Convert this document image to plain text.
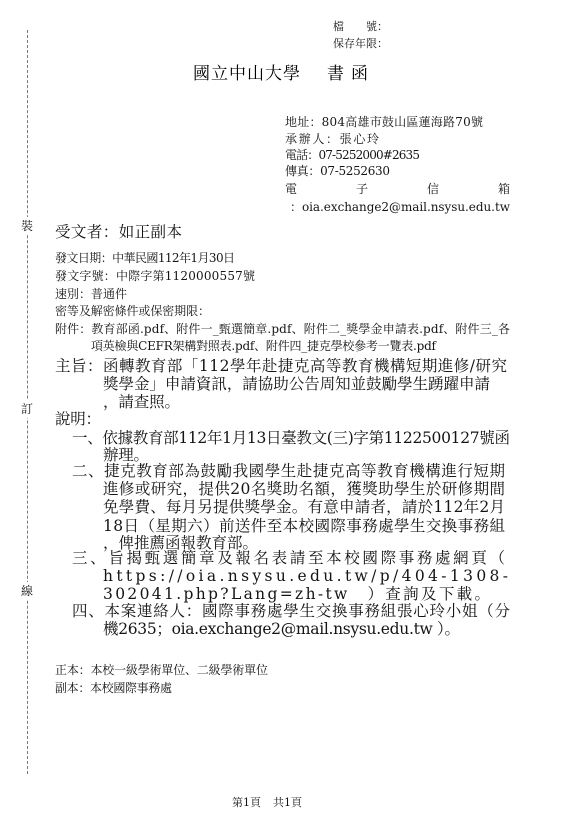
檔　　號：
保存年限：
國立中山大學 書函
地址：804高雄市鼓山區蓮海路70號
承辦人：張心玲
電話：07-5252000#2635
傳真：07-5252630
電子信箱
：oia.exchange2@mail.nsysu.edu.tw
裝
訂
線
受文者：如正副本
發文日期：中華民國112年1月30日
發文字號：中際字第1120000557號
速別：普通件
密等及解密條件或保密期限：
附件：教育部函.pdf、附件一_甄選簡章.pdf、附件二_獎學金申請表.pdf、附件三_各
項英檢與CEFR架構對照表.pdf、附件四_捷克學校參考一覽表.pdf
主旨：函轉教育部「112學年赴捷克高等教育機構短期進修/研究
獎學金」申請資訊，請協助公告周知並鼓勵學生踴躍申請
，請查照。
說明：
一、依據教育部112年1月13日臺教文(三)字第1122500127號函
辦理。
二、捷克教育部為鼓勵我國學生赴捷克高等教育機構進行短期
進修或研究，提供20名獎助名額，獲獎助學生於研修期間
免學費、每月另提供獎學金。有意申請者，請於112年2月
18日（星期六）前送件至本校國際事務處學生交換事務組
，俾推薦函報教育部。
三、旨揭甄選簡章及報名表請至本校國際事務處網頁（
https://oia.nsysu.edu.tw/p/404-1308-
302041.php?Lang=zh-tw　）查詢及下載。
四、本案連絡人：國際事務處學生交換事務組張心玲小姐（分
機2635；oia.exchange2@mail.nsysu.edu.tw ）。
正本：本校一級學術單位、二級學術單位
副本：本校國際事務處
第1頁 共1頁
